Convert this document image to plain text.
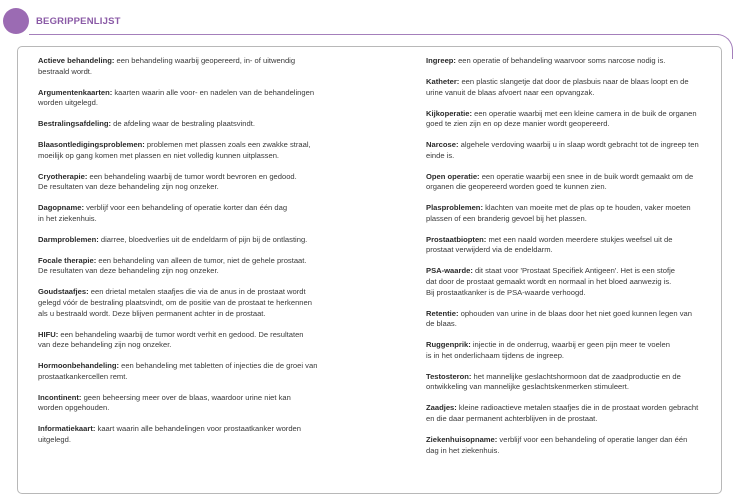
BEGRIPPENLIJST

Actieve behandeling: een behandeling waarbij geopereerd, in- of uitwendig
bestraald wordt.

Argumentenkaarten: kaarten waarin alle voor- en nadelen van de behandelingen
worden uitgelegd.

Bestralingsafdeling: de afdeling waar de bestraling plaatsvindt.

Blaasontledigingsproblemen: problemen met plassen zoals een zwakke straal,
moeilijk op gang komen met plassen en niet volledig kunnen uitplassen.

Cryotherapie: een behandeling waarbij de tumor wordt bevroren en gedood.
De resultaten van deze behandeling zijn nog onzeker.

Dagopname: verblijf voor een behandeling of operatie korter dan één dag
in het ziekenhuis.

Darmproblemen: diarree, bloedverlies uit de endeldarm of pijn bij de ontlasting.

Focale therapie: een behandeling van alleen de tumor, niet de gehele prostaat.
De resultaten van deze behandeling zijn nog onzeker.

Goudstaafjes: een drietal metalen staafjes die via de anus in de prostaat wordt
gelegd vóór de bestraling plaatsvindt, om de positie van de prostaat te herkennen
als u bestraald wordt. Deze blijven permanent achter in de prostaat.

HIFU: een behandeling waarbij de tumor wordt verhit en gedood. De resultaten
van deze behandeling zijn nog onzeker.

Hormoonbehandeling: een behandeling met tabletten of injecties die de groei van
prostaatkankercellen remt.

Incontinent: geen beheersing meer over de blaas, waardoor urine niet kan
worden opgehouden.

Informatiekaart: kaart waarin alle behandelingen voor prostaatkanker worden
uitgelegd.

Ingreep: een operatie of behandeling waarvoor soms narcose nodig is.

Katheter: een plastic slangetje dat door de plasbuis naar de blaas loopt en de
urine vanuit de blaas afvoert naar een opvangzak.

Kijkoperatie: een operatie waarbij met een kleine camera in de buik de organen
goed te zien zijn en op deze manier wordt geopereerd.

Narcose: algehele verdoving waarbij u in slaap wordt gebracht tot de ingreep ten
einde is.

Open operatie: een operatie waarbij een snee in de buik wordt gemaakt om de
organen die geopereerd worden goed te kunnen zien.

Plasproblemen: klachten van moeite met de plas op te houden, vaker moeten
plassen of een branderig gevoel bij het plassen.

Prostaatbiopten: met een naald worden meerdere stukjes weefsel uit de
prostaat verwijderd via de endeldarm.

PSA-waarde: dit staat voor 'Prostaat Specifiek Antigeen'. Het is een stofje
dat door de prostaat gemaakt wordt en normaal in het bloed aanwezig is.
Bij prostaatkanker is de PSA-waarde verhoogd.

Retentie: ophouden van urine in de blaas door het niet goed kunnen legen van
de blaas.

Ruggenprik: injectie in de onderrug, waarbij er geen pijn meer te voelen
is in het onderlichaam tijdens de ingreep.

Testosteron: het mannelijke geslachtshormoon dat de zaadproductie en de
ontwikkeling van mannelijke geslachtskenmerken stimuleert.

Zaadjes: kleine radioactieve metalen staafjes die in de prostaat worden gebracht
en die daar permanent achterblijven in de prostaat.

Ziekenhuisopname: verblijf voor een behandeling of operatie langer dan één
dag in het ziekenhuis.
